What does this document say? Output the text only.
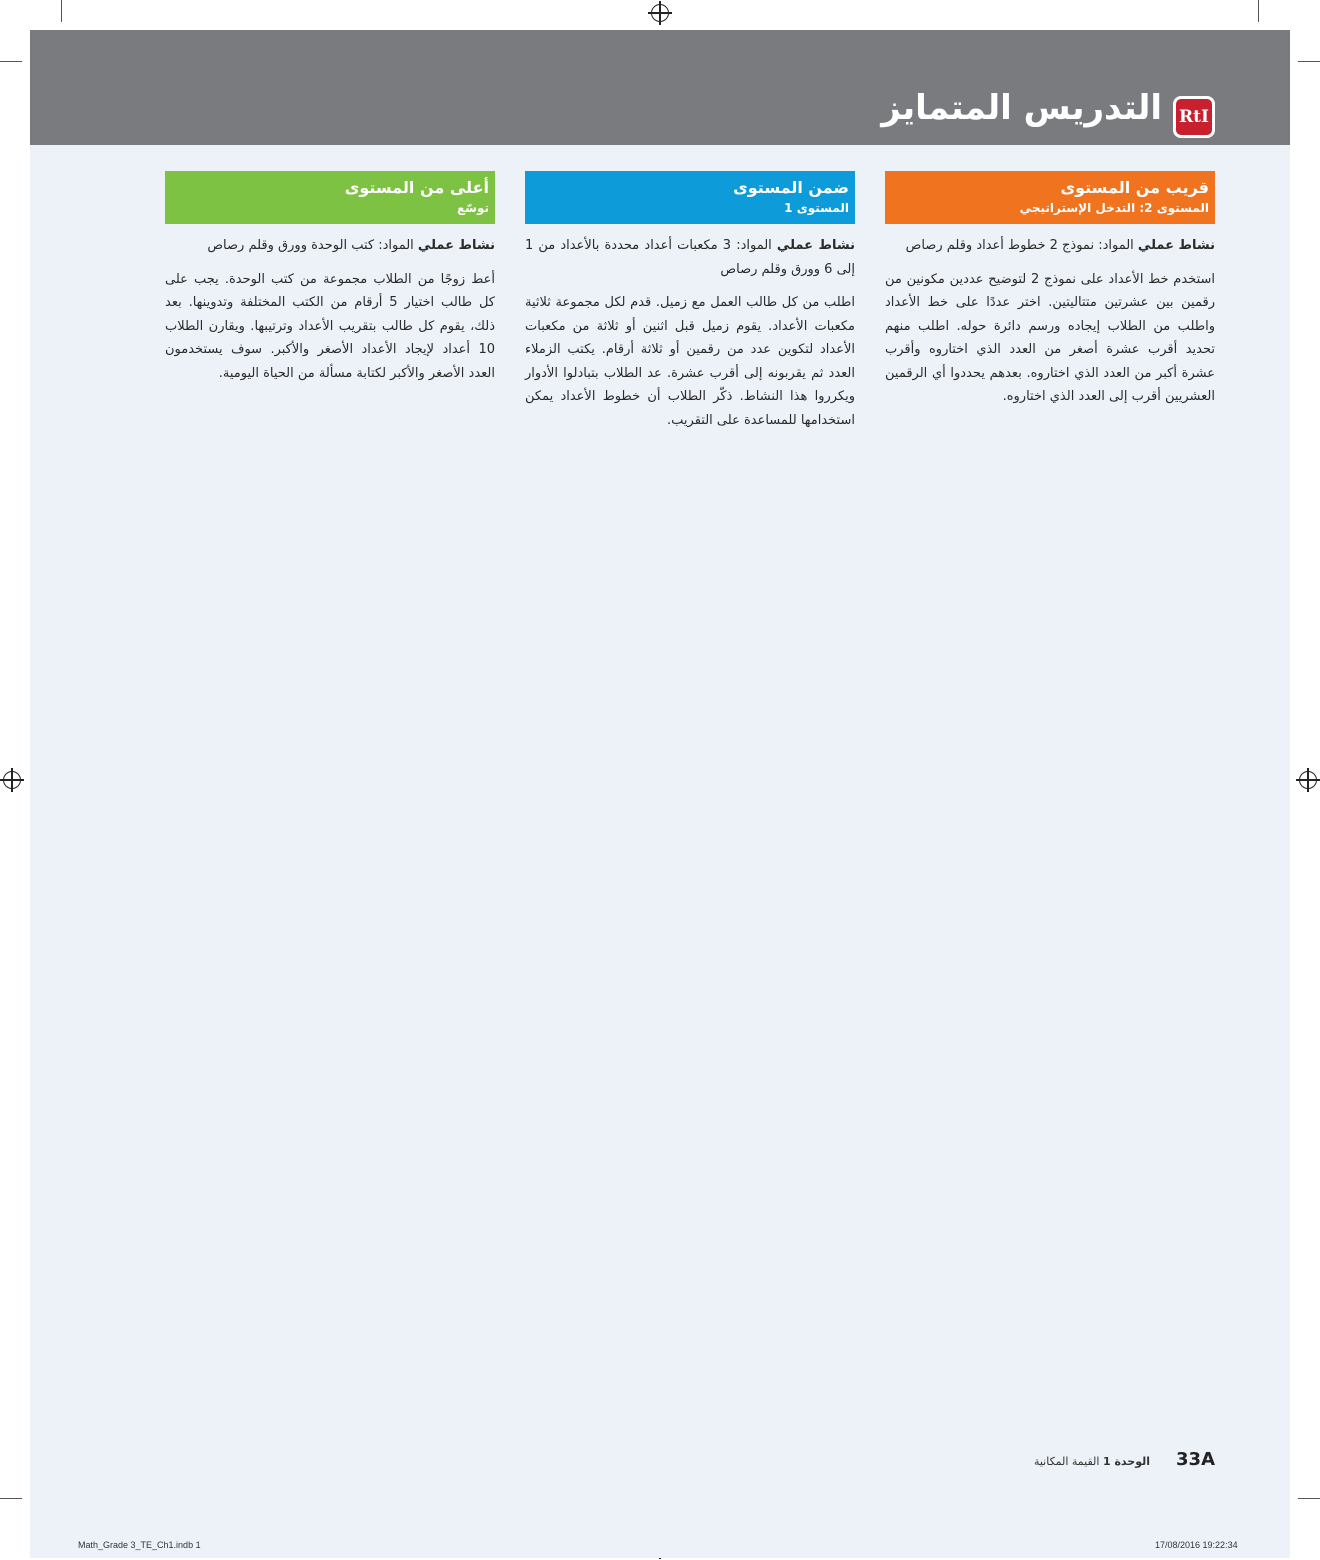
التدريس المتمايز	RtI
قريب من المستوى
المستوى 2: التدخل الإستراتيجي

نشاط عملي المواد: نموذج 2 خطوط أعداد وقلم رصاص

استخدم خط الأعداد على نموذج 2 لتوضيح عددين مكونين من رقمين بين عشرتين متتاليتين. اختر عددًا على خط الأعداد واطلب من الطلاب إيجاده ورسم دائرة حوله. اطلب منهم تحديد أقرب عشرة أصغر من العدد الذي اختاروه وأقرب عشرة أكبر من العدد الذي اختاروه. بعدهم يحددوا أي الرقمين العشريين أقرب إلى العدد الذي اختاروه.

ضمن المستوى
المستوى 1

نشاط عملي المواد: 3 مكعبات أعداد محددة بالأعداد من 1 إلى 6 وورق وقلم رصاص

اطلب من كل طالب العمل مع زميل. قدم لكل مجموعة ثلاثية مكعبات الأعداد. يقوم زميل قبل اثنين أو ثلاثة من مكعبات الأعداد لتكوين عدد من رقمين أو ثلاثة أرقام. يكتب الزملاء العدد ثم يقربونه إلى أقرب عشرة. عد الطلاب بتبادلوا الأدوار ويكرروا هذا النشاط. ذكّر الطلاب أن خطوط الأعداد يمكن استخدامها للمساعدة على التقريب.

أعلى من المستوى
توسّع

نشاط عملي المواد: كتب الوحدة وورق وقلم رصاص

أعط زوجًا من الطلاب مجموعة من كتب الوحدة. يجب على كل طالب اختيار 5 أرقام من الكتب المختلفة وتدوينها. بعد ذلك، يقوم كل طالب بتقريب الأعداد وترتيبها. ويقارن الطلاب 10 أعداد لإيجاد الأعداد الأصغر والأكبر. سوف يستخدمون العدد الأصغر والأكبر لكتابة مسألة من الحياة اليومية.

33Aالوحدة 1 القيمة المكانية
Math_Grade 3_TE_Ch1.indb 1	17/08/2016 19:22:34
